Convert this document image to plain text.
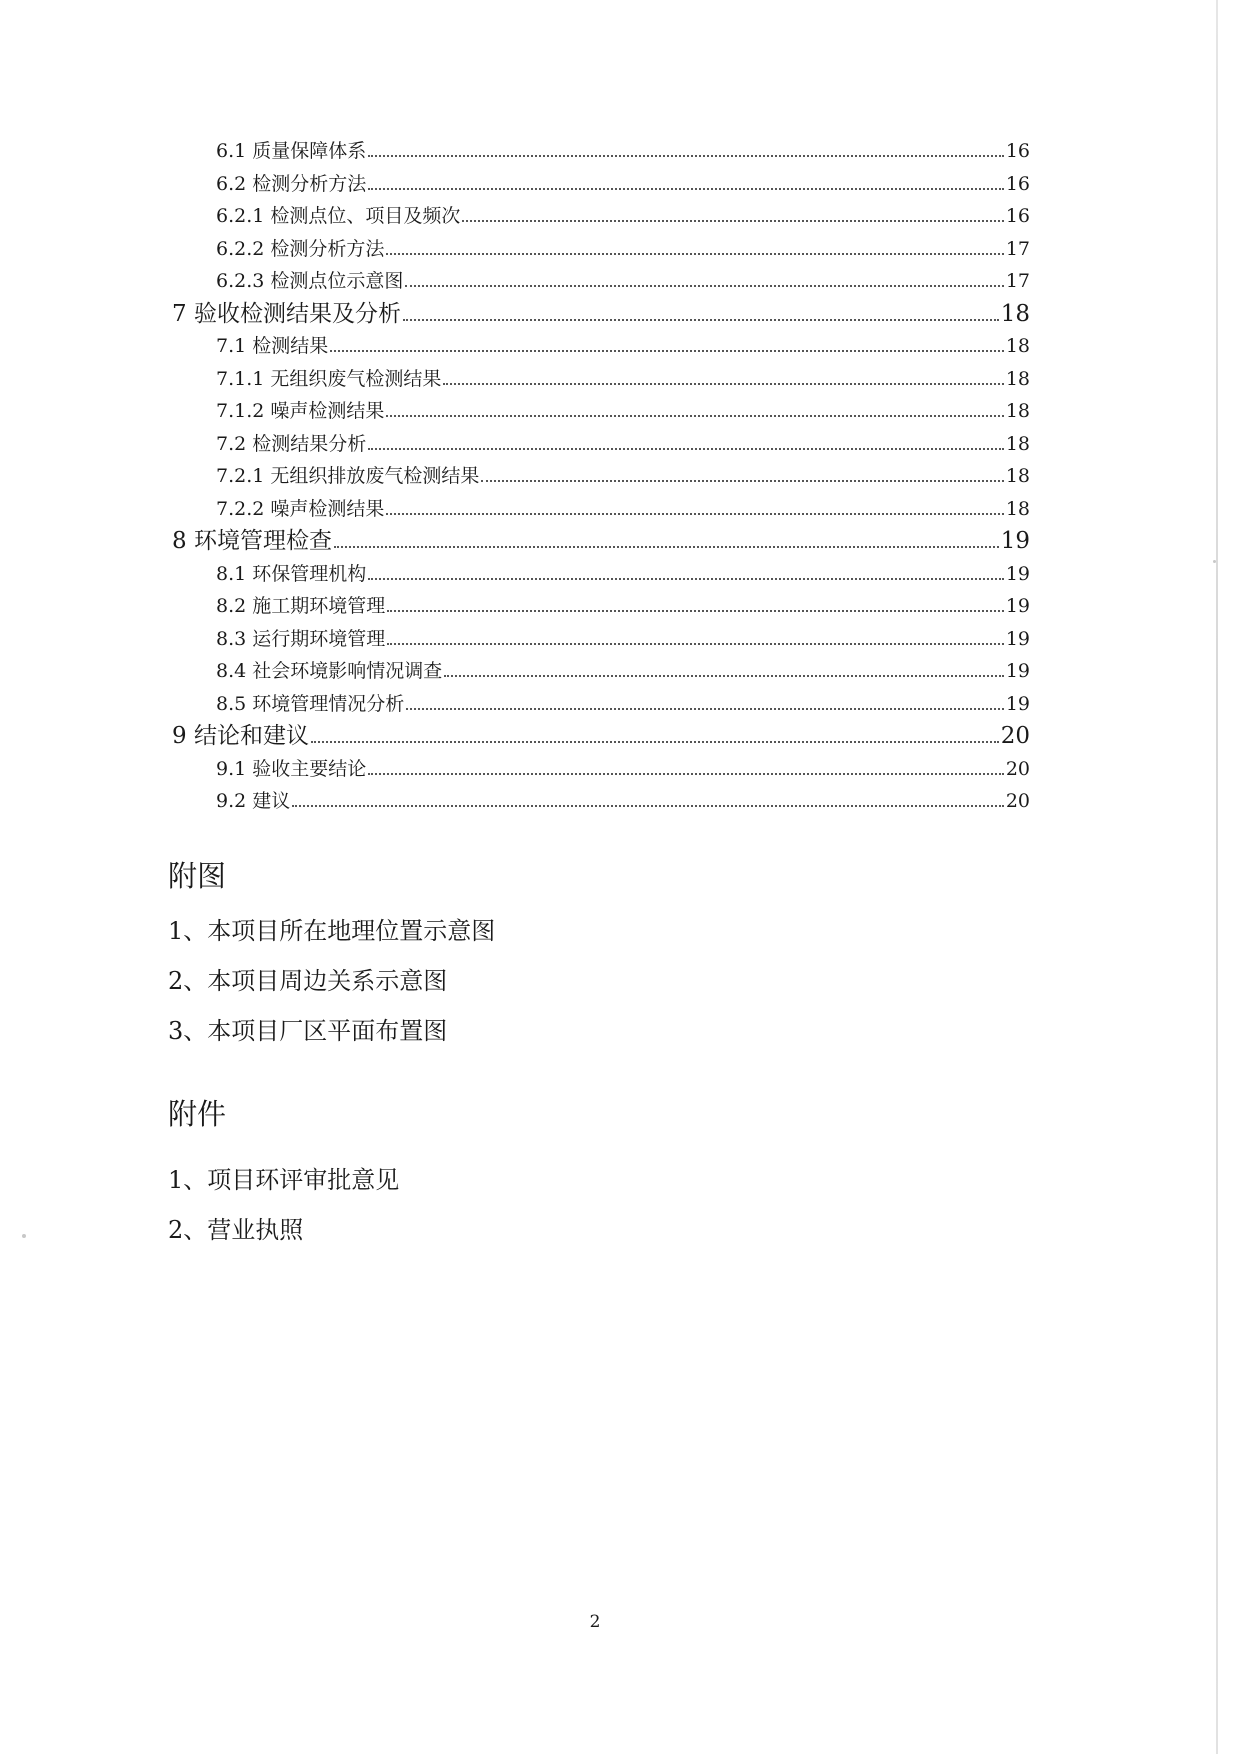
6.1 质量保障体系	16
6.2 检测分析方法	16
6.2.1 检测点位、项目及频次	16
6.2.2 检测分析方法	17
6.2.3 检测点位示意图	17
7 验收检测结果及分析	18
7.1 检测结果	18
7.1.1 无组织废气检测结果	18
7.1.2 噪声检测结果	18
7.2 检测结果分析	18
7.2.1 无组织排放废气检测结果	18
7.2.2 噪声检测结果	18
8 环境管理检查	19
8.1 环保管理机构	19
8.2 施工期环境管理	19
8.3 运行期环境管理	19
8.4 社会环境影响情况调查	19
8.5 环境管理情况分析	19
9 结论和建议	20
9.1 验收主要结论	20
9.2 建议	20
附图
1、本项目所在地理位置示意图
2、本项目周边关系示意图
3、本项目厂区平面布置图
附件
1、项目环评审批意见
2、营业执照
2
